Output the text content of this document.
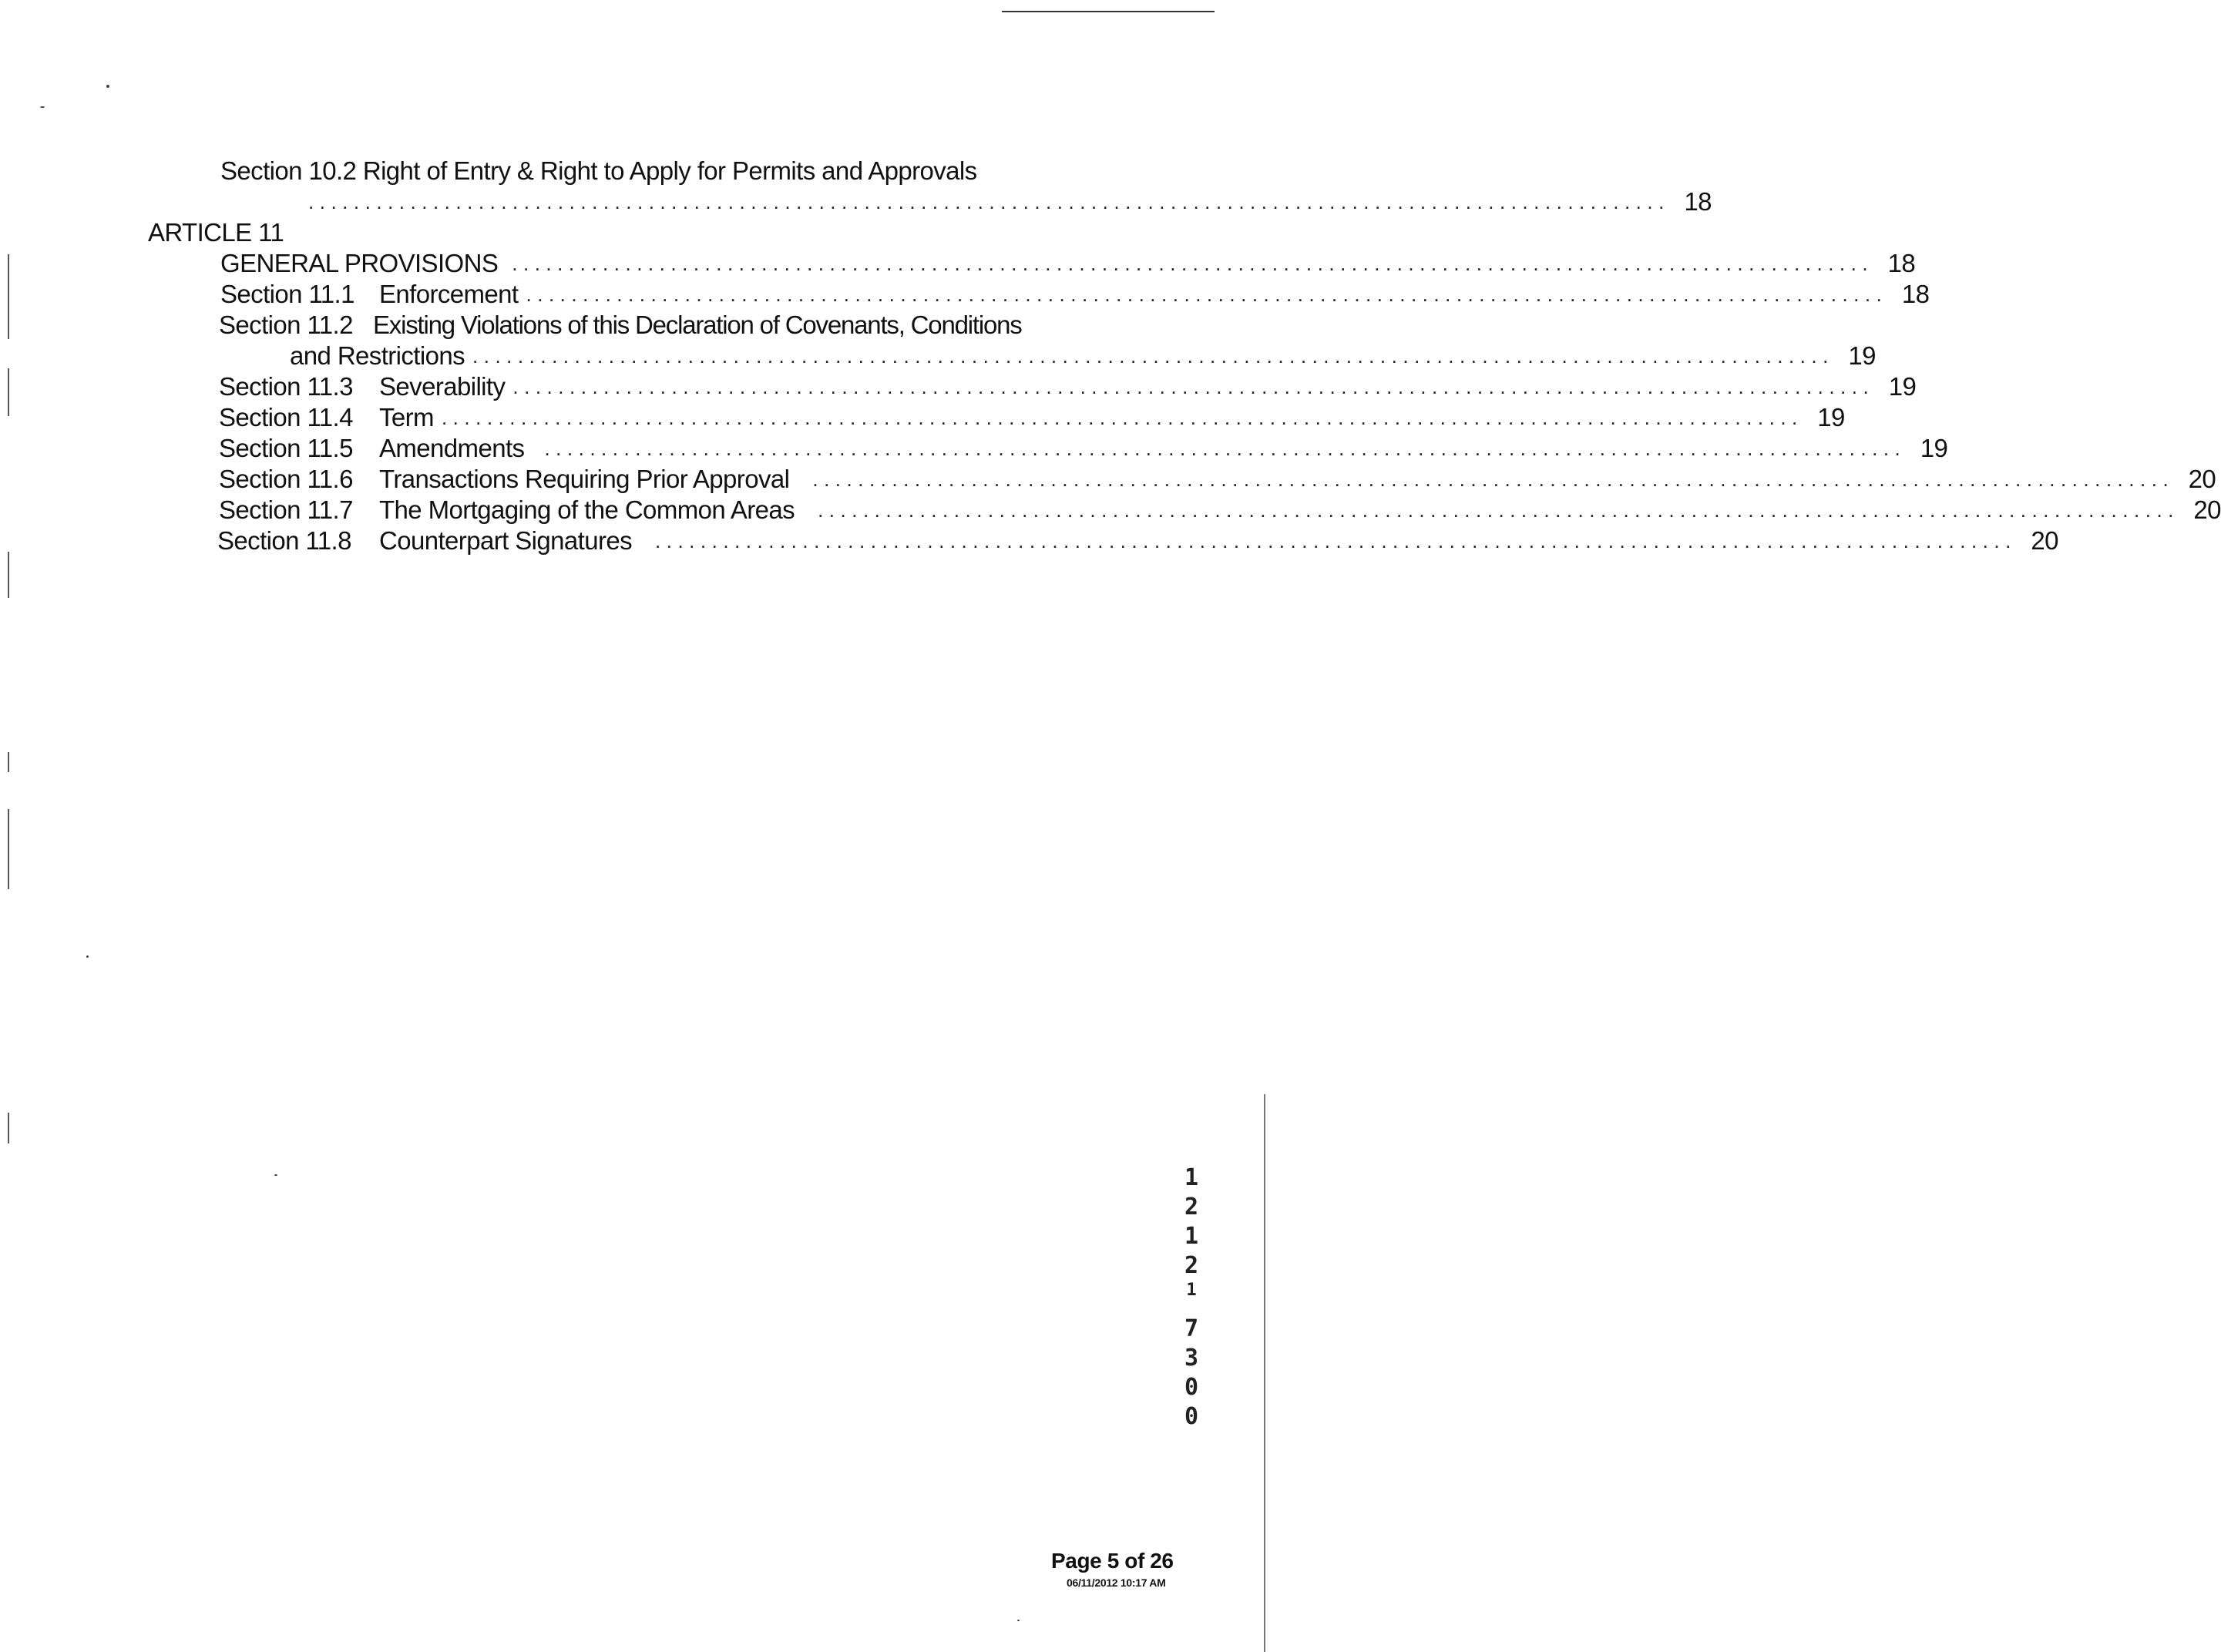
Section 10.2 Right of Entry & Right to Apply for Permits and Approvals
........................................................................................................................ 18
ARTICLE 11
GENERAL PROVISIONS ........................................................................................................................ 18
Section 11.1 Enforcement ........................................................................................................................ 18
Section 11.2 Existing Violations of this Declaration of Covenants, Conditions
and Restrictions ........................................................................................................................ 19
Section 11.3	Severability ........................................................................................................................ 19
Section 11.4	Term ........................................................................................................................ 19
Section 11.5	Amendments ........................................................................................................................ 19
Section 11.6	Transactions Requiring Prior Approval ........................................................................................................................ 20
Section 11.7	The Mortgaging of the Common Areas ........................................................................................................................ 20
Section 11.8	Counterpart Signatures ........................................................................................................................ 20
1
2
1
2
1
7
3
0
0
Page 5 of 26
06/11/2012 10:17 AM
